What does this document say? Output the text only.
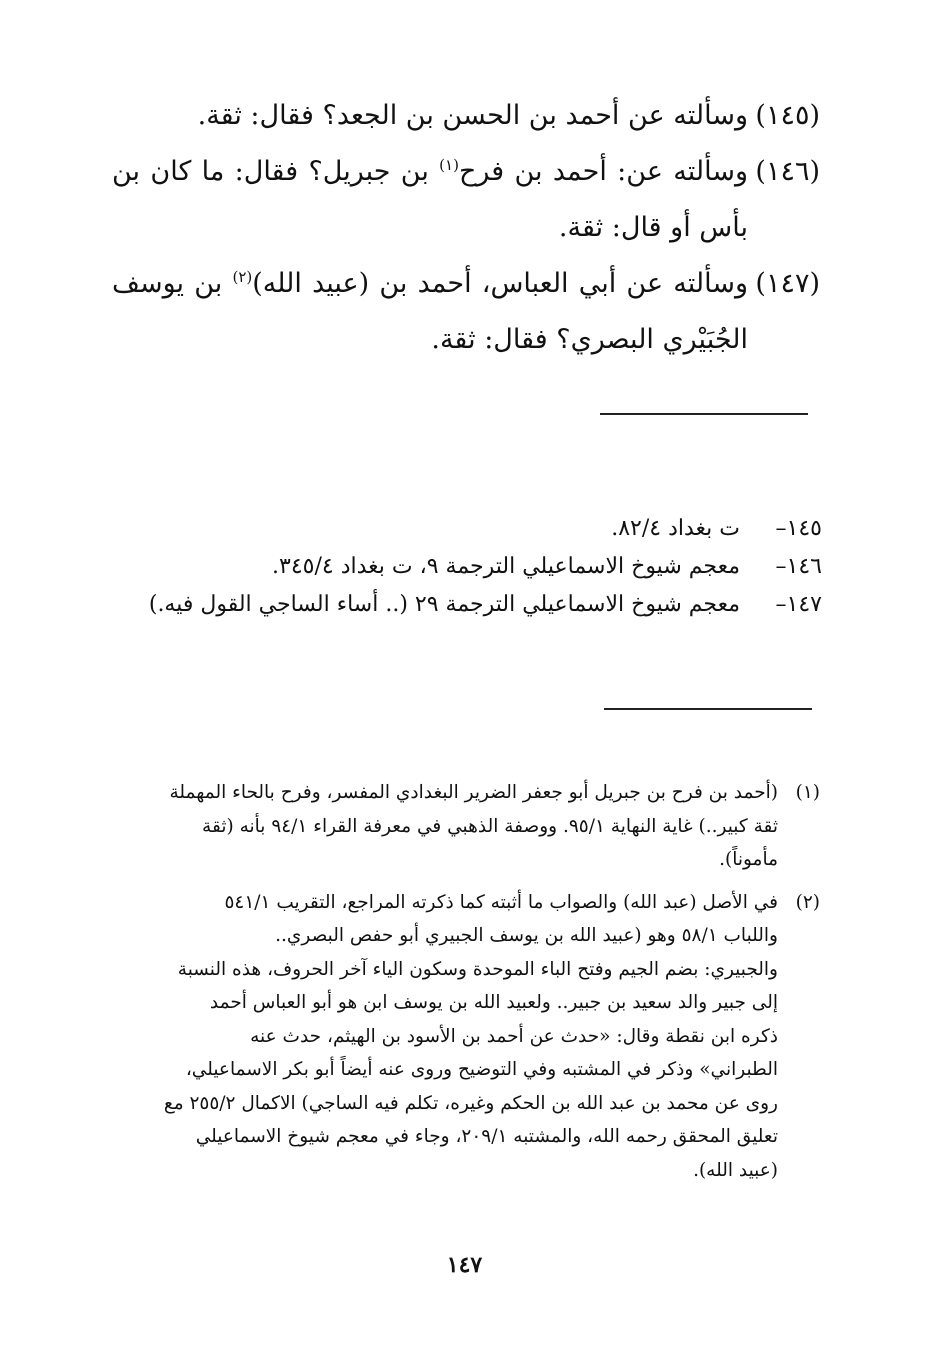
(١٤٥)
وسألته عن أحمد بن الحسن بن الجعد؟ فقال: ثقة.
(١٤٦)
وسألته عن: أحمد بن فرح$^{(١)}$ بن جبريل؟ فقال: ما كان بن بأس أو قال: ثقة.
(١٤٧)
وسألته عن أبي العباس، أحمد بن (عبيد الله)$^{(٢)}$ بن يوسف الجُبَيْري البصري؟ فقال: ثقة.
١٤٥–
ت بغداد ٨٢/٤.
١٤٦–
معجم شيوخ الاسماعيلي الترجمة ٩، ت بغداد ٣٤٥/٤.
١٤٧–
معجم شيوخ الاسماعيلي الترجمة ٢٩ (.. أساء الساجي القول فيه.)
(١)
(أحمد بن فرح بن جبريل أبو جعفر الضرير البغدادي المفسر، وفرح بالحاء المهملة
ثقة كبير..) غاية النهاية ٩٥/١. ووصفة الذهبي في معرفة القراء ٩٤/١ بأنه (ثقة
مأموناً).
(٢)
في الأصل (عبد الله) والصواب ما أثبته كما ذكرته المراجع، التقريب ٥٤١/١
واللباب ٥٨/١ وهو (عبيد الله بن يوسف الجبيري أبو حفص البصري..
والجبيري: بضم الجيم وفتح الباء الموحدة وسكون الياء آخر الحروف، هذه النسبة
إلى جبير والد سعيد بن جبير.. ولعبيد الله بن يوسف ابن هو أبو العباس أحمد
ذكره ابن نقطة وقال: «حدث عن أحمد بن الأسود بن الهيثم، حدث عنه
الطبراني» وذكر في المشتبه وفي التوضيح وروى عنه أيضاً أبو بكر الاسماعيلي،
روى عن محمد بن عبد الله بن الحكم وغيره، تكلم فيه الساجي) الاكمال ٢٥٥/٢ مع
تعليق المحقق رحمه الله، والمشتبه ٢٠٩/١، وجاء في معجم شيوخ الاسماعيلي
(عبيد الله).
١٤٧
